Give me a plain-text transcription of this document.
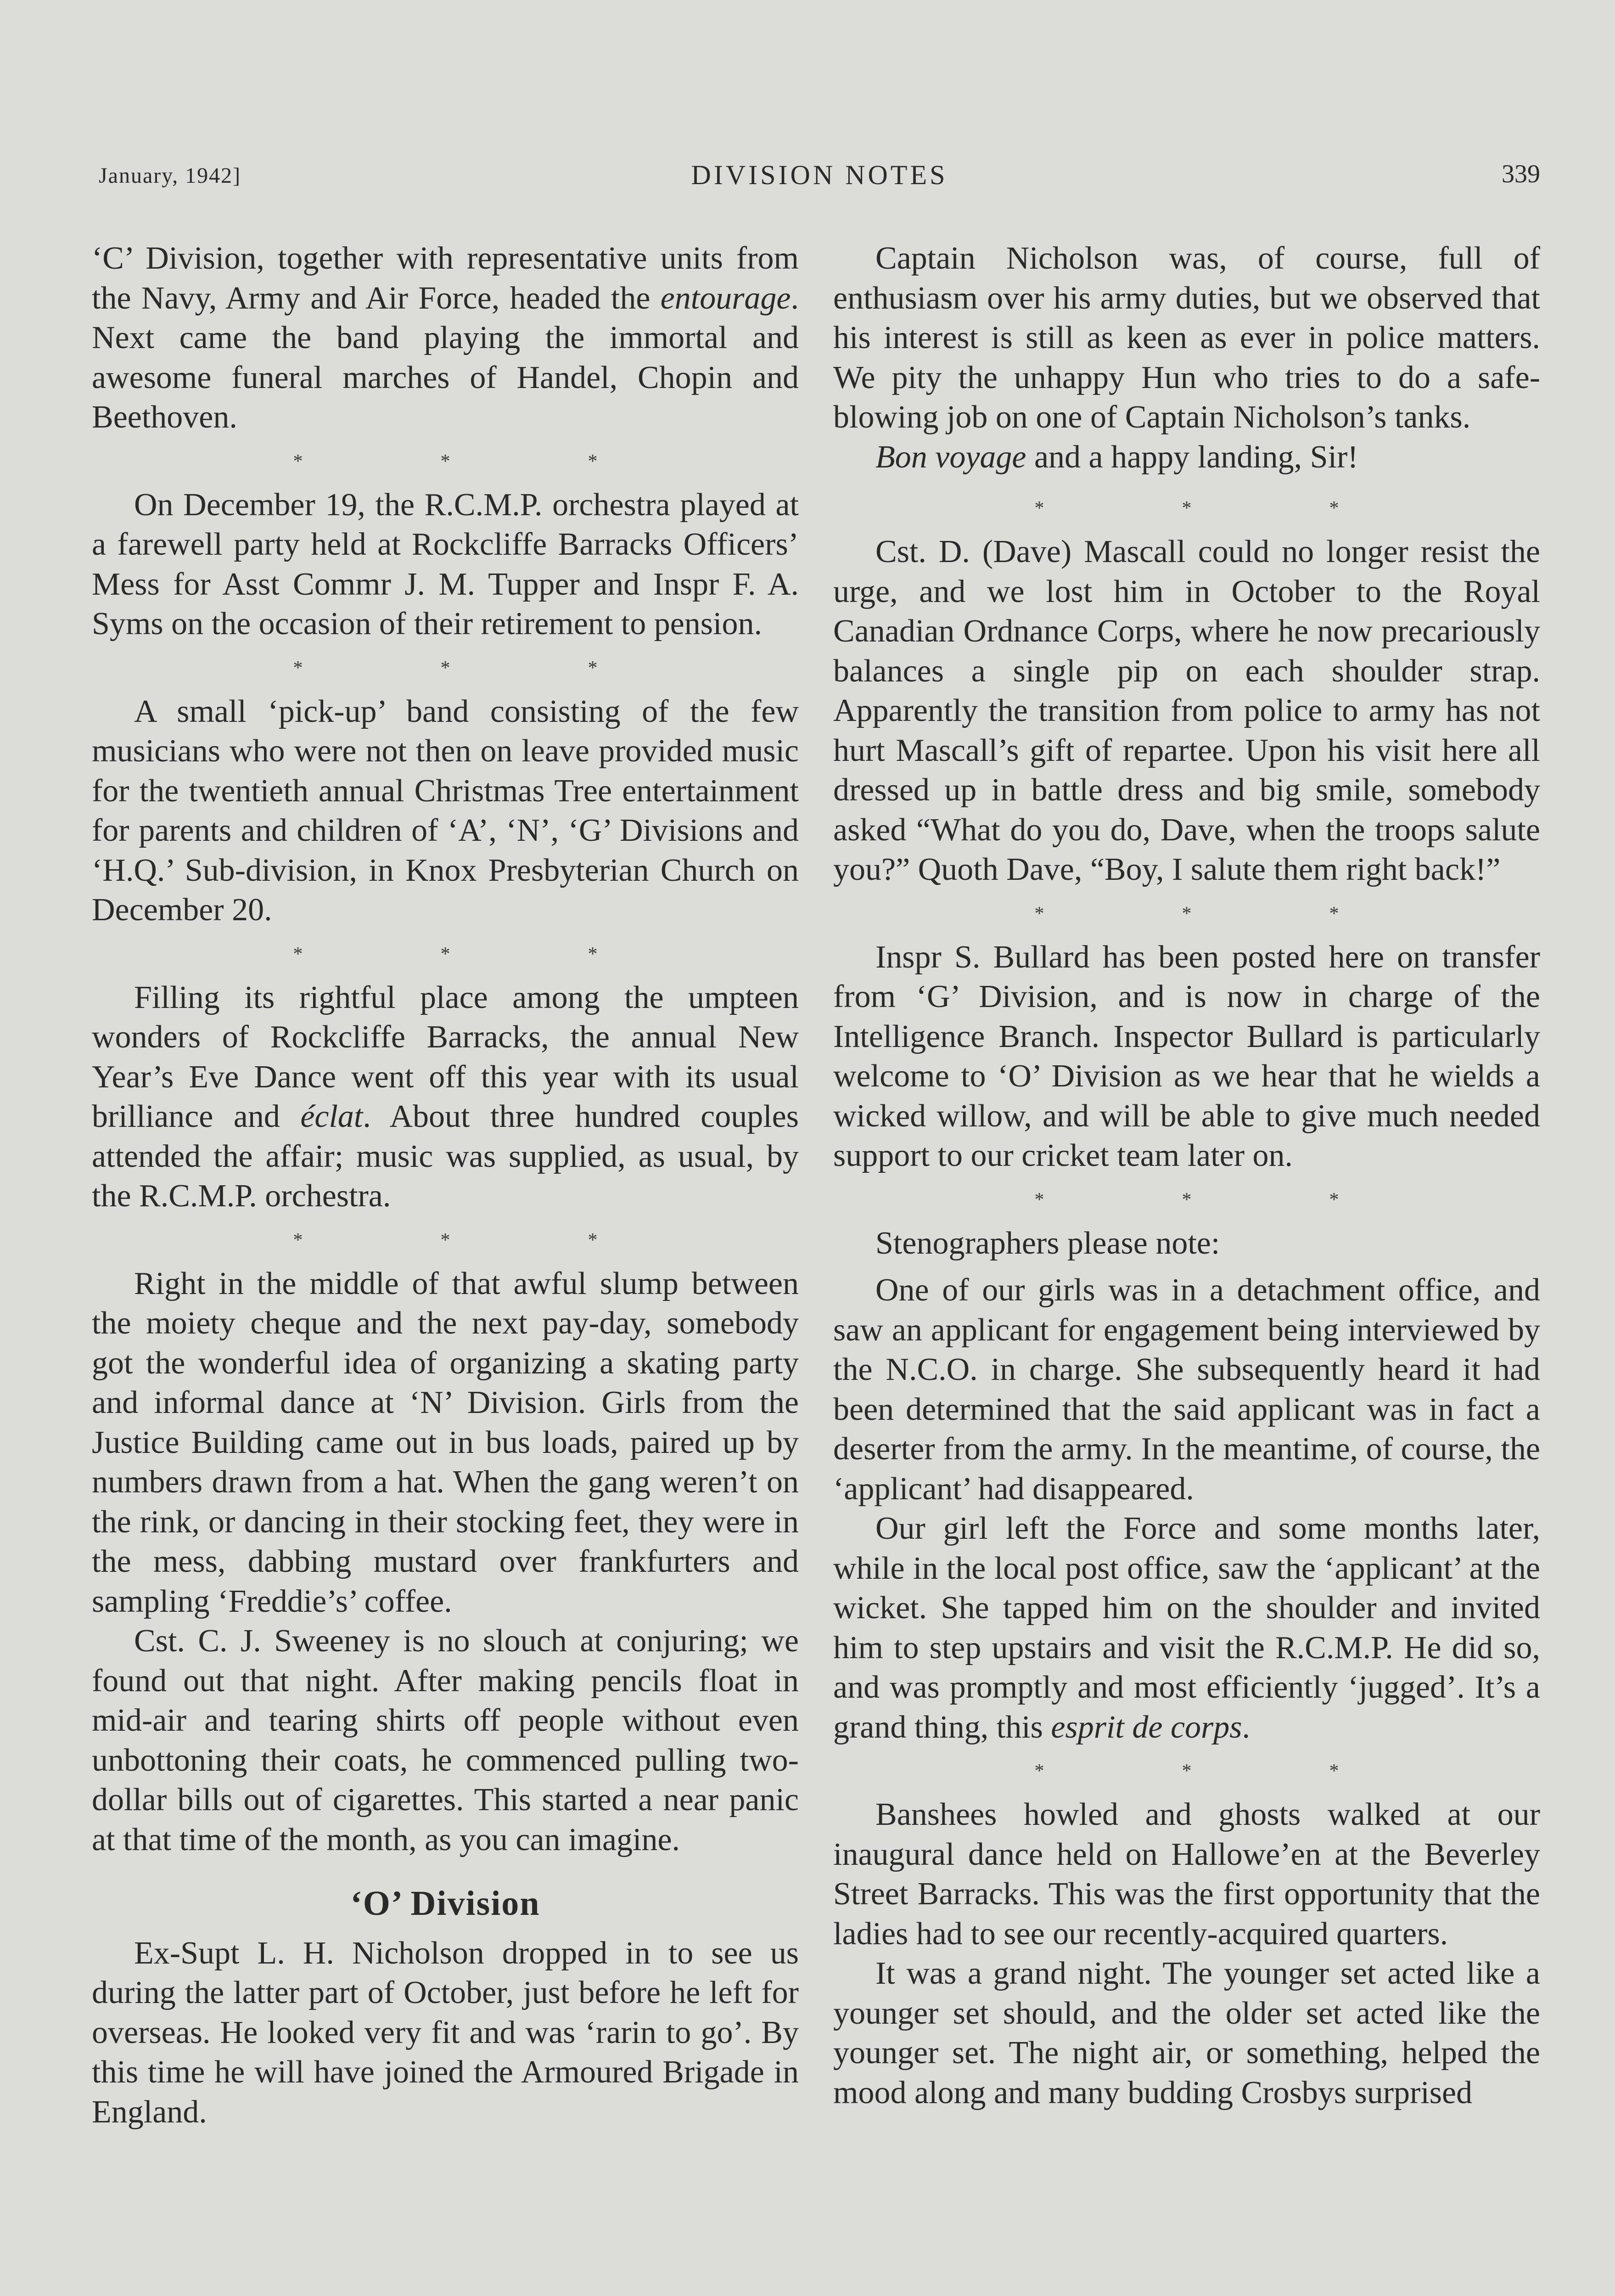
January, 1942]	DIVISION NOTES	339

‘C’ Division, together with representative units from the Navy, Army and Air Force, headed the entourage. Next came the band playing the immortal and awesome funeral marches of Handel, Chopin and Beethoven.

*	*	*

On December 19, the R.C.M.P. orchestra played at a farewell party held at Rockcliffe Barracks Officers’ Mess for Asst Commr J. M. Tupper and Inspr F. A. Syms on the occasion of their retirement to pension.

*	*	*

A small ‘pick-up’ band consisting of the few musicians who were not then on leave provided music for the twentieth annual Christmas Tree entertainment for parents and children of ‘A’, ‘N’, ‘G’ Divisions and ‘H.Q.’ Sub-division, in Knox Presbyterian Church on December 20.

*	*	*

Filling its rightful place among the umpteen wonders of Rockcliffe Barracks, the annual New Year’s Eve Dance went off this year with its usual brilliance and éclat. About three hundred couples attended the affair; music was supplied, as usual, by the R.C.M.P. orchestra.

*	*	*

Right in the middle of that awful slump between the moiety cheque and the next pay-day, somebody got the wonderful idea of organizing a skating party and informal dance at ‘N’ Division. Girls from the Justice Building came out in bus loads, paired up by numbers drawn from a hat. When the gang weren’t on the rink, or dancing in their stocking feet, they were in the mess, dabbing mustard over frankfurters and sampling ‘Freddie’s’ coffee.

Cst. C. J. Sweeney is no slouch at conjuring; we found out that night. After making pencils float in mid-air and tearing shirts off people without even unbottoning their coats, he commenced pulling two-dollar bills out of cigarettes. This started a near panic at that time of the month, as you can imagine.

‘O’ Division

Ex-Supt L. H. Nicholson dropped in to see us during the latter part of October, just before he left for overseas. He looked very fit and was ‘rarin to go’. By this time he will have joined the Armoured Brigade in England.

Captain Nicholson was, of course, full of enthusiasm over his army duties, but we observed that his interest is still as keen as ever in police matters. We pity the unhappy Hun who tries to do a safe-blowing job on one of Captain Nicholson’s tanks.

Bon voyage and a happy landing, Sir!

*	*	*

Cst. D. (Dave) Mascall could no longer resist the urge, and we lost him in October to the Royal Canadian Ordnance Corps, where he now precariously balances a single pip on each shoulder strap. Apparently the transition from police to army has not hurt Mascall’s gift of repartee. Upon his visit here all dressed up in battle dress and big smile, somebody asked “What do you do, Dave, when the troops salute you?” Quoth Dave, “Boy, I salute them right back!”

*	*	*

Inspr S. Bullard has been posted here on transfer from ‘G’ Division, and is now in charge of the Intelligence Branch. Inspector Bullard is particularly welcome to ‘O’ Division as we hear that he wields a wicked willow, and will be able to give much needed support to our cricket team later on.

*	*	*

Stenographers please note:

One of our girls was in a detachment office, and saw an applicant for engagement being interviewed by the N.C.O. in charge. She subsequently heard it had been determined that the said applicant was in fact a deserter from the army. In the meantime, of course, the ‘applicant’ had disappeared.

Our girl left the Force and some months later, while in the local post office, saw the ‘applicant’ at the wicket. She tapped him on the shoulder and invited him to step upstairs and visit the R.C.M.P. He did so, and was promptly and most efficiently ‘jugged’. It’s a grand thing, this esprit de corps.

*	*	*

Banshees howled and ghosts walked at our inaugural dance held on Hallowe’en at the Beverley Street Barracks. This was the first opportunity that the ladies had to see our recently-acquired quarters.

It was a grand night. The younger set acted like a younger set should, and the older set acted like the younger set. The night air, or something, helped the mood along and many budding Crosbys surprised
